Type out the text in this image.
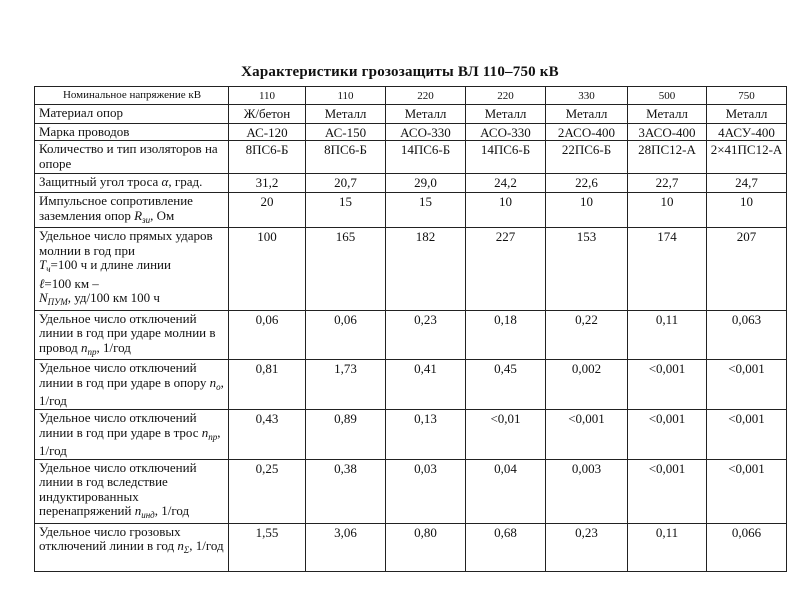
Характеристики грозозащиты ВЛ 110–750 кВ
Номинальное напряжение кВ	110	110	220	220	330	500	750
Материал опор	Ж/бетон	Металл	Металл	Металл	Металл	Металл	Металл
Марка проводов	АС-120	АС-150	АСО-330	АСО-330	2АСО-400	3АСО-400	4АСУ-400
Количество и тип изоляторов на опоре	8ПС6-Б	8ПС6-Б	14ПС6-Б	14ПС6-Б	22ПС6-Б	28ПС12-А	2×41ПС12-А
Защитный угол троса α, град.	31,2	20,7	29,0	24,2	22,6	22,7	24,7
Импульсное сопротивление заземления опор $R_{зи}$, Ом	20	15	15	10	10	10	10
Удельное число прямых ударов молнии в год при
$T_ч=100$ ч и длине линии
ℓ=100 км –
$N_{ПУМ}$, уд/100 км 100 ч	100	165	182	227	153	174	207
Удельное число отключений линии в год при ударе молнии в провод $n_{пр}$, 1/год	0,06	0,06	0,23	0,18	0,22	0,11	0,063
Удельное число отключений линии в год при ударе в опору $n_о$, 1/год	0,81	1,73	0,41	0,45	0,002	<0,001	<0,001
Удельное число отключений линии в год при ударе в трос $n_{пр}$, 1/год	0,43	0,89	0,13	<0,01	<0,001	<0,001	<0,001
Удельное число отключений линии в год вследствие индуктированных перенапряжений $n_{инд}$, 1/год	0,25	0,38	0,03	0,04	0,003	<0,001	<0,001
Удельное число грозовых отключений линии в год $n_\Sigma$, 1/год	1,55	3,06	0,80	0,68	0,23	0,11	0,066
